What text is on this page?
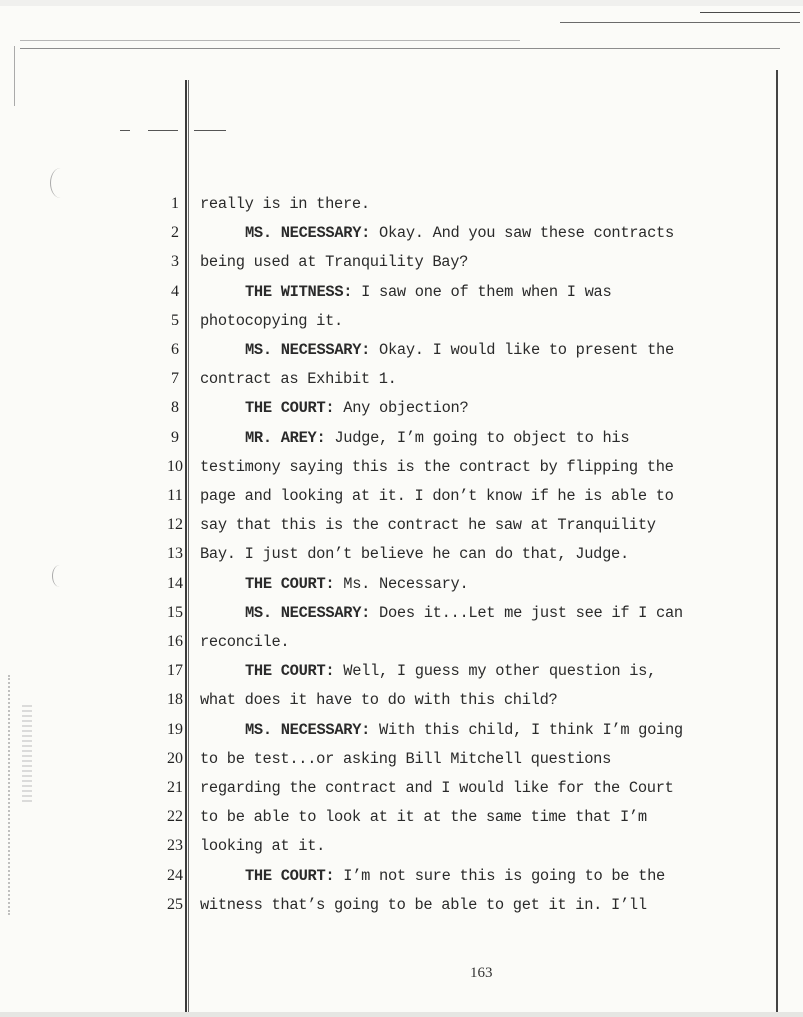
1	really is in there.
2	MS. NECESSARY: Okay. And you saw these contracts
3	being used at Tranquility Bay?
4	THE WITNESS: I saw one of them when I was
5	photocopying it.
6	MS. NECESSARY: Okay. I would like to present the
7	contract as Exhibit 1.
8	THE COURT: Any objection?
9	MR. AREY: Judge, I’m going to object to his
10	testimony saying this is the contract by flipping the
11	page and looking at it. I don’t know if he is able to
12	say that this is the contract he saw at Tranquility
13	Bay. I just don’t believe he can do that, Judge.
14	THE COURT: Ms. Necessary.
15	MS. NECESSARY: Does it...Let me just see if I can
16	reconcile.
17	THE COURT: Well, I guess my other question is,
18	what does it have to do with this child?
19	MS. NECESSARY: With this child, I think I’m going
20	to be test...or asking Bill Mitchell questions
21	regarding the contract and I would like for the Court
22	to be able to look at it at the same time that I’m
23	looking at it.
24	THE COURT: I’m not sure this is going to be the
25	witness that’s going to be able to get it in. I’ll
163
